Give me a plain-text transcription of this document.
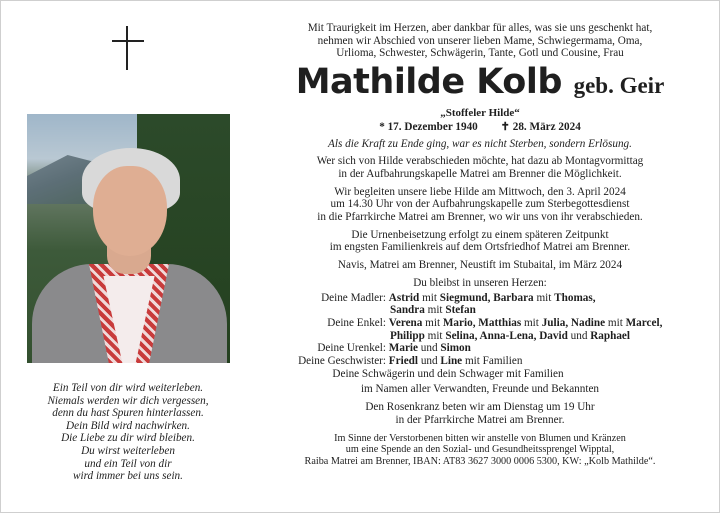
Ein Teil von dir wird weiterleben.
Niemals werden wir dich vergessen,
denn du hast Spuren hinterlassen.
Dein Bild wird nachwirken.
Die Liebe zu dir wird bleiben.
Du wirst weiterleben
und ein Teil von dir
wird immer bei uns sein.
Mit Traurigkeit im Herzen, aber dankbar für alles, was sie uns geschenkt hat,
nehmen wir Abschied von unserer lieben Mame, Schwiegermama, Oma,
Urlioma, Schwester, Schwägerin, Tante, Gotl und Cousine, Frau
Mathilde Kolb geb. Geir
„Stoffeler Hilde“
* 17. Dezember 1940 ✝ 28. März 2024
Als die Kraft zu Ende ging, war es nicht Sterben, sondern Erlösung.
Wer sich von Hilde verabschieden möchte, hat dazu ab Montagvormittag
in der Aufbahrungskapelle Matrei am Brenner die Möglichkeit.
Wir begleiten unsere liebe Hilde am Mittwoch, den 3. April 2024
um 14.30 Uhr von der Aufbahrungskapelle zum Sterbegottesdienst
in die Pfarrkirche Matrei am Brenner, wo wir uns von ihr verabschieden.
Die Urnenbeisetzung erfolgt zu einem späteren Zeitpunkt
im engsten Familienkreis auf dem Ortsfriedhof Matrei am Brenner.
Navis, Matrei am Brenner, Neustift im Stubaital, im März 2024
Du bleibst in unseren Herzen:
Deine Madler: Astrid mit Siegmund, Barbara mit Thomas,
Sandra mit Stefan
Deine Enkel: Verena mit Mario, Matthias mit Julia, Nadine mit Marcel,
Philipp mit Selina, Anna-Lena, David und Raphael
Deine Urenkel: Marie und Simon
Deine Geschwister: Friedl und Line mit Familien
Deine Schwägerin und dein Schwager mit Familien
im Namen aller Verwandten, Freunde und Bekannten
Den Rosenkranz beten wir am Dienstag um 19 Uhr
in der Pfarrkirche Matrei am Brenner.
Im Sinne der Verstorbenen bitten wir anstelle von Blumen und Kränzen
um eine Spende an den Sozial- und Gesundheitssprengel Wipptal,
Raiba Matrei am Brenner, IBAN: AT83 3627 3000 0006 5300, KW: „Kolb Mathilde“.
